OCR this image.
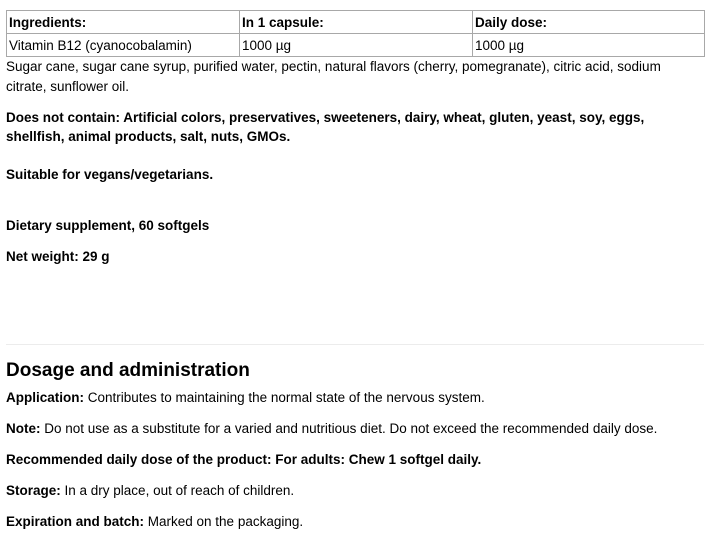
Ingredients:	In 1 capsule:	Daily dose:
Vitamin B12 (cyanocobalamin)	1000 µg	1000 µg

Sugar cane, sugar cane syrup, purified water, pectin, natural flavors (cherry, pomegranate), citric acid, sodium citrate, sunflower oil.

Does not contain: Artificial colors, preservatives, sweeteners, dairy, wheat, gluten, yeast, soy, eggs, shellfish, animal products, salt, nuts, GMOs.

Suitable for vegans/vegetarians.
Dietary supplement, 60 softgels
Net weight: 29 g
Dosage and administration
Application: Contributes to maintaining the normal state of the nervous system.
Note: Do not use as a substitute for a varied and nutritious diet. Do not exceed the recommended daily dose.
Recommended daily dose of the product: For adults: Chew 1 softgel daily.
Storage: In a dry place, out of reach of children.
Expiration and batch: Marked on the packaging.
